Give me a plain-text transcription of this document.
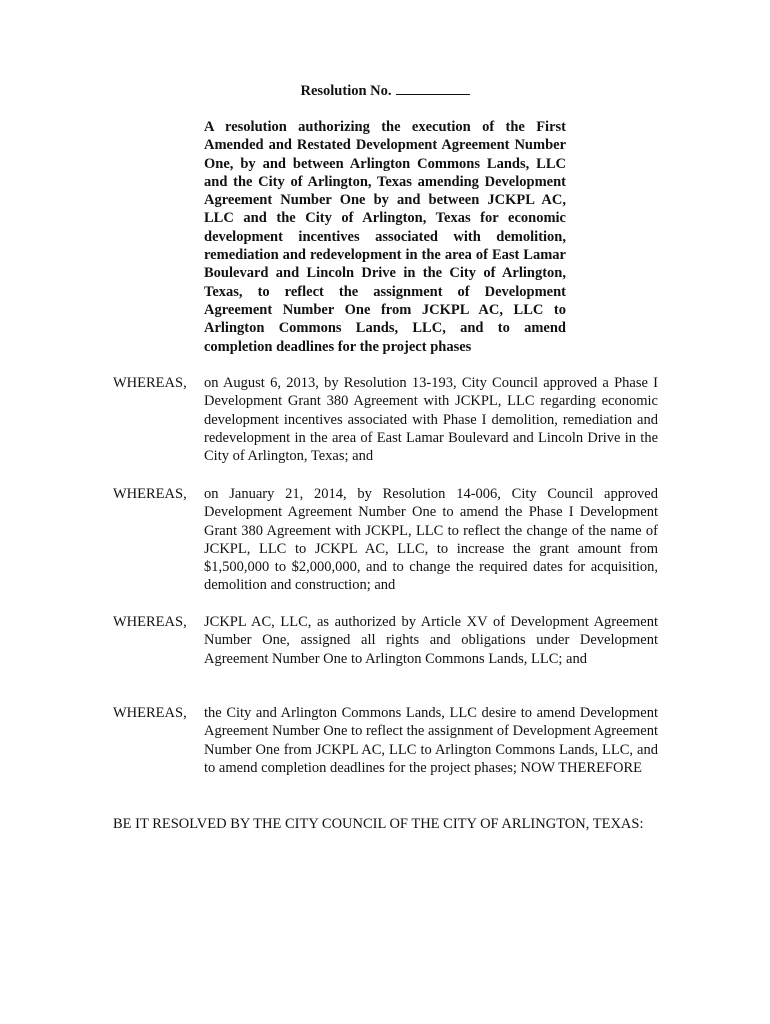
Resolution No.
A resolution authorizing the execution of the First Amended and Restated Development Agreement Number One, by and between Arlington Commons Lands, LLC and the City of Arlington, Texas amending Development Agreement Number One by and between JCKPL AC, LLC and the City of Arlington, Texas for economic development incentives associated with demolition, remediation and redevelopment in the area of East Lamar Boulevard and Lincoln Drive in the City of Arlington, Texas, to reflect the assignment of Development Agreement Number One from JCKPL AC, LLC to Arlington Commons Lands, LLC, and to amend completion deadlines for the project phases
WHEREAS,	on August 6, 2013, by Resolution 13-193, City Council approved a Phase I Development Grant 380 Agreement with JCKPL, LLC regarding economic development incentives associated with Phase I demolition, remediation and redevelopment in the area of East Lamar Boulevard and Lincoln Drive in the City of Arlington, Texas; and
WHEREAS,	on January 21, 2014, by Resolution 14-006, City Council approved Development Agreement Number One to amend the Phase I Development Grant 380 Agreement with JCKPL, LLC to reflect the change of the name of JCKPL, LLC to JCKPL AC, LLC, to increase the grant amount from $1,500,000 to $2,000,000, and to change the required dates for acquisition, demolition and construction; and
WHEREAS,	JCKPL AC, LLC, as authorized by Article XV of Development Agreement Number One, assigned all rights and obligations under Development Agreement Number One to Arlington Commons Lands, LLC; and
WHEREAS,	the City and Arlington Commons Lands, LLC desire to amend Development Agreement Number One to reflect the assignment of Development Agreement Number One from JCKPL AC, LLC to Arlington Commons Lands, LLC, and to amend completion deadlines for the project phases; NOW THEREFORE
BE IT RESOLVED BY THE CITY COUNCIL OF THE CITY OF ARLINGTON, TEXAS:
